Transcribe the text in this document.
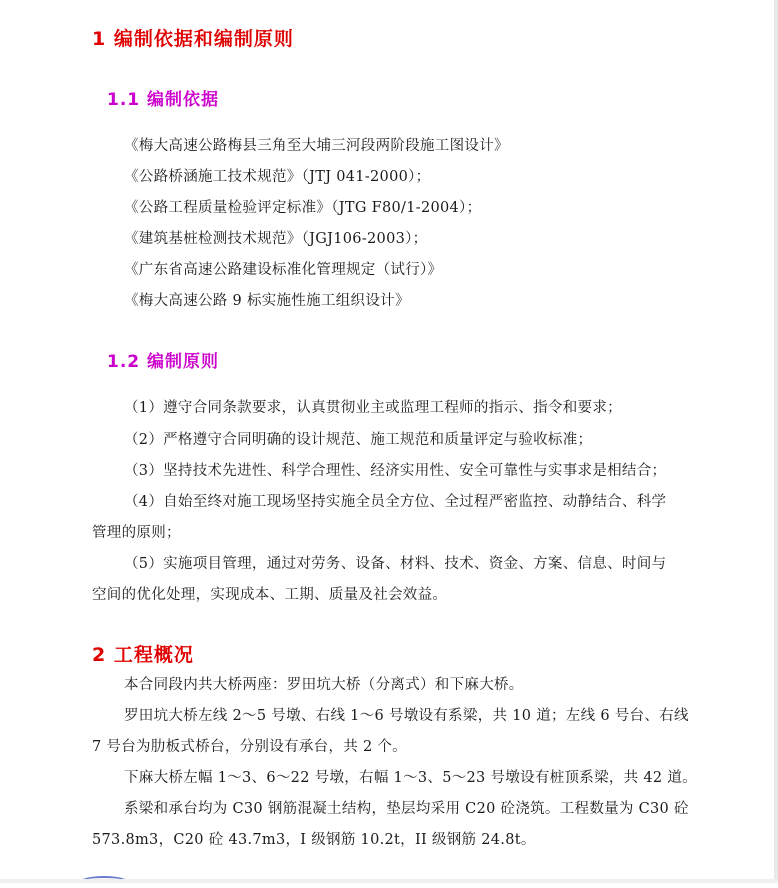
1 编制依据和编制原则
1.1 编制依据
《梅大高速公路梅县三角至大埔三河段两阶段施工图设计》
《公路桥涵施工技术规范》（JTJ 041-2000）；
《公路工程质量检验评定标准》（JTG F80/1-2004）；
《建筑基桩检测技术规范》（JGJ106-2003）；
《广东省高速公路建设标准化管理规定（试行）》
《梅大高速公路 9 标实施性施工组织设计》
1.2 编制原则
（1）遵守合同条款要求，认真贯彻业主或监理工程师的指示、指令和要求；
（2）严格遵守合同明确的设计规范、施工规范和质量评定与验收标准；
（3）坚持技术先进性、科学合理性、经济实用性、安全可靠性与实事求是相结合；
（4）自始至终对施工现场坚持实施全员全方位、全过程严密监控、动静结合、科学
管理的原则；
（5）实施项目管理，通过对劳务、设备、材料、技术、资金、方案、信息、时间与
空间的优化处理，实现成本、工期、质量及社会效益。
2 工程概况
本合同段内共大桥两座：罗田坑大桥（分离式）和下麻大桥。
罗田坑大桥左线 2～5 号墩、右线 1～6 号墩设有系梁，共 10 道；左线 6 号台、右线
7 号台为肋板式桥台，分别设有承台，共 2 个。
下麻大桥左幅 1～3、6～22 号墩，右幅 1～3、5～23 号墩设有桩顶系梁，共 42 道。
系梁和承台均为 C30 钢筋混凝土结构，垫层均采用 C20 砼浇筑。工程数量为 C30 砼
573.8m3，C20 砼 43.7m3，I 级钢筋 10.2t，II 级钢筋 24.8t。
